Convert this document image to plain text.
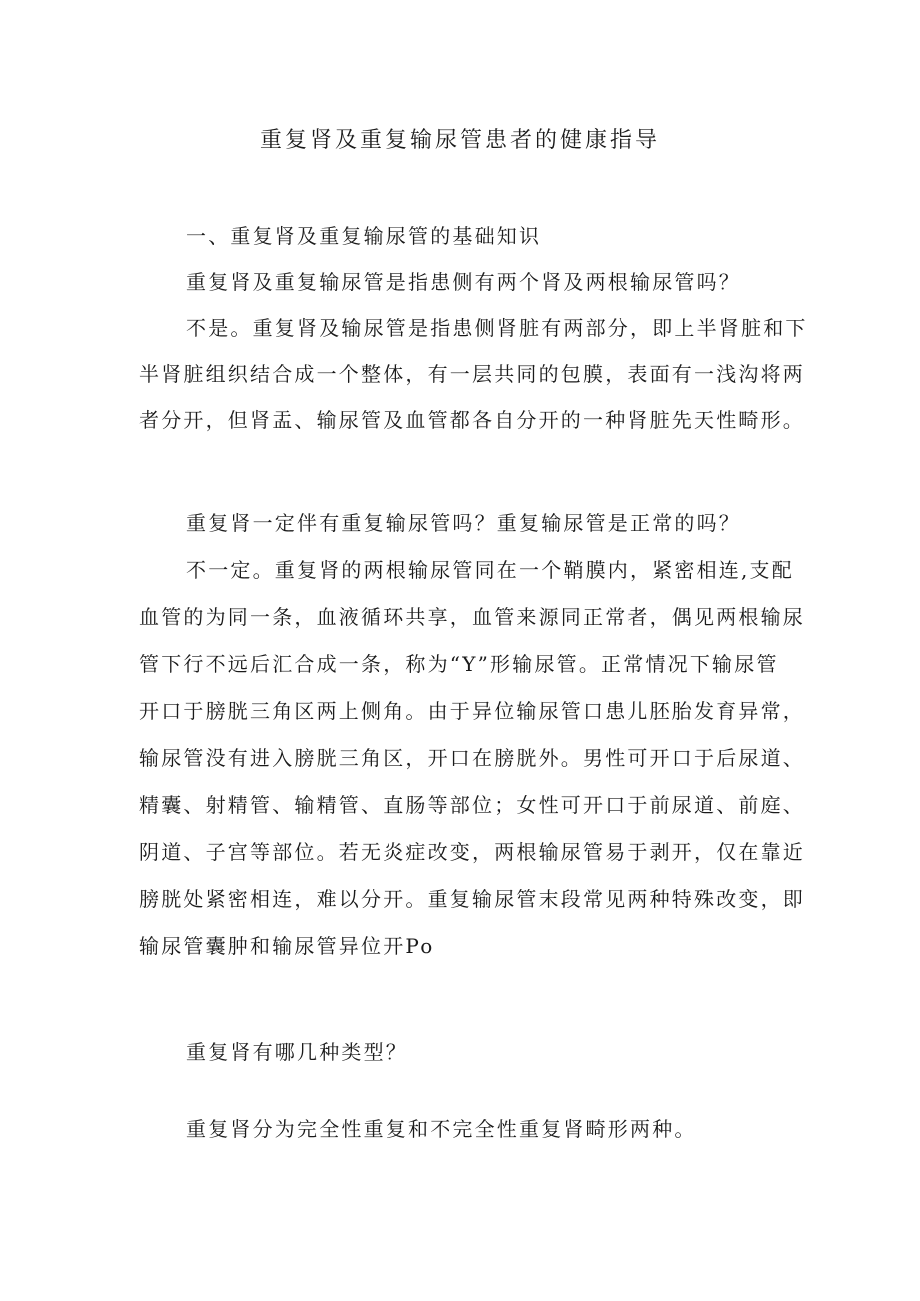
重复肾及重复输尿管患者的健康指导
一、重复肾及重复输尿管的基础知识
重复肾及重复输尿管是指患侧有两个肾及两根输尿管吗？
不是。重复肾及输尿管是指患侧肾脏有两部分，即上半肾脏和下
半肾脏组织结合成一个整体，有一层共同的包膜，表面有一浅沟将两
者分开，但肾盂、输尿管及血管都各自分开的一种肾脏先天性畸形。
重复肾一定伴有重复输尿管吗？重复输尿管是正常的吗？
不一定。重复肾的两根输尿管同在一个鞘膜内，紧密相连,支配
血管的为同一条，血液循环共享，血管来源同正常者，偶见两根输尿
管下行不远后汇合成一条，称为“Y”形输尿管。正常情况下输尿管
开口于膀胱三角区两上侧角。由于异位输尿管口患儿胚胎发育异常，
输尿管没有进入膀胱三角区，开口在膀胱外。男性可开口于后尿道、
精囊、射精管、输精管、直肠等部位；女性可开口于前尿道、前庭、
阴道、子宫等部位。若无炎症改变，两根输尿管易于剥开，仅在靠近
膀胱处紧密相连，难以分开。重复输尿管末段常见两种特殊改变，即
输尿管囊肿和输尿管异位开Po
重复肾有哪几种类型？
重复肾分为完全性重复和不完全性重复肾畸形两种。
